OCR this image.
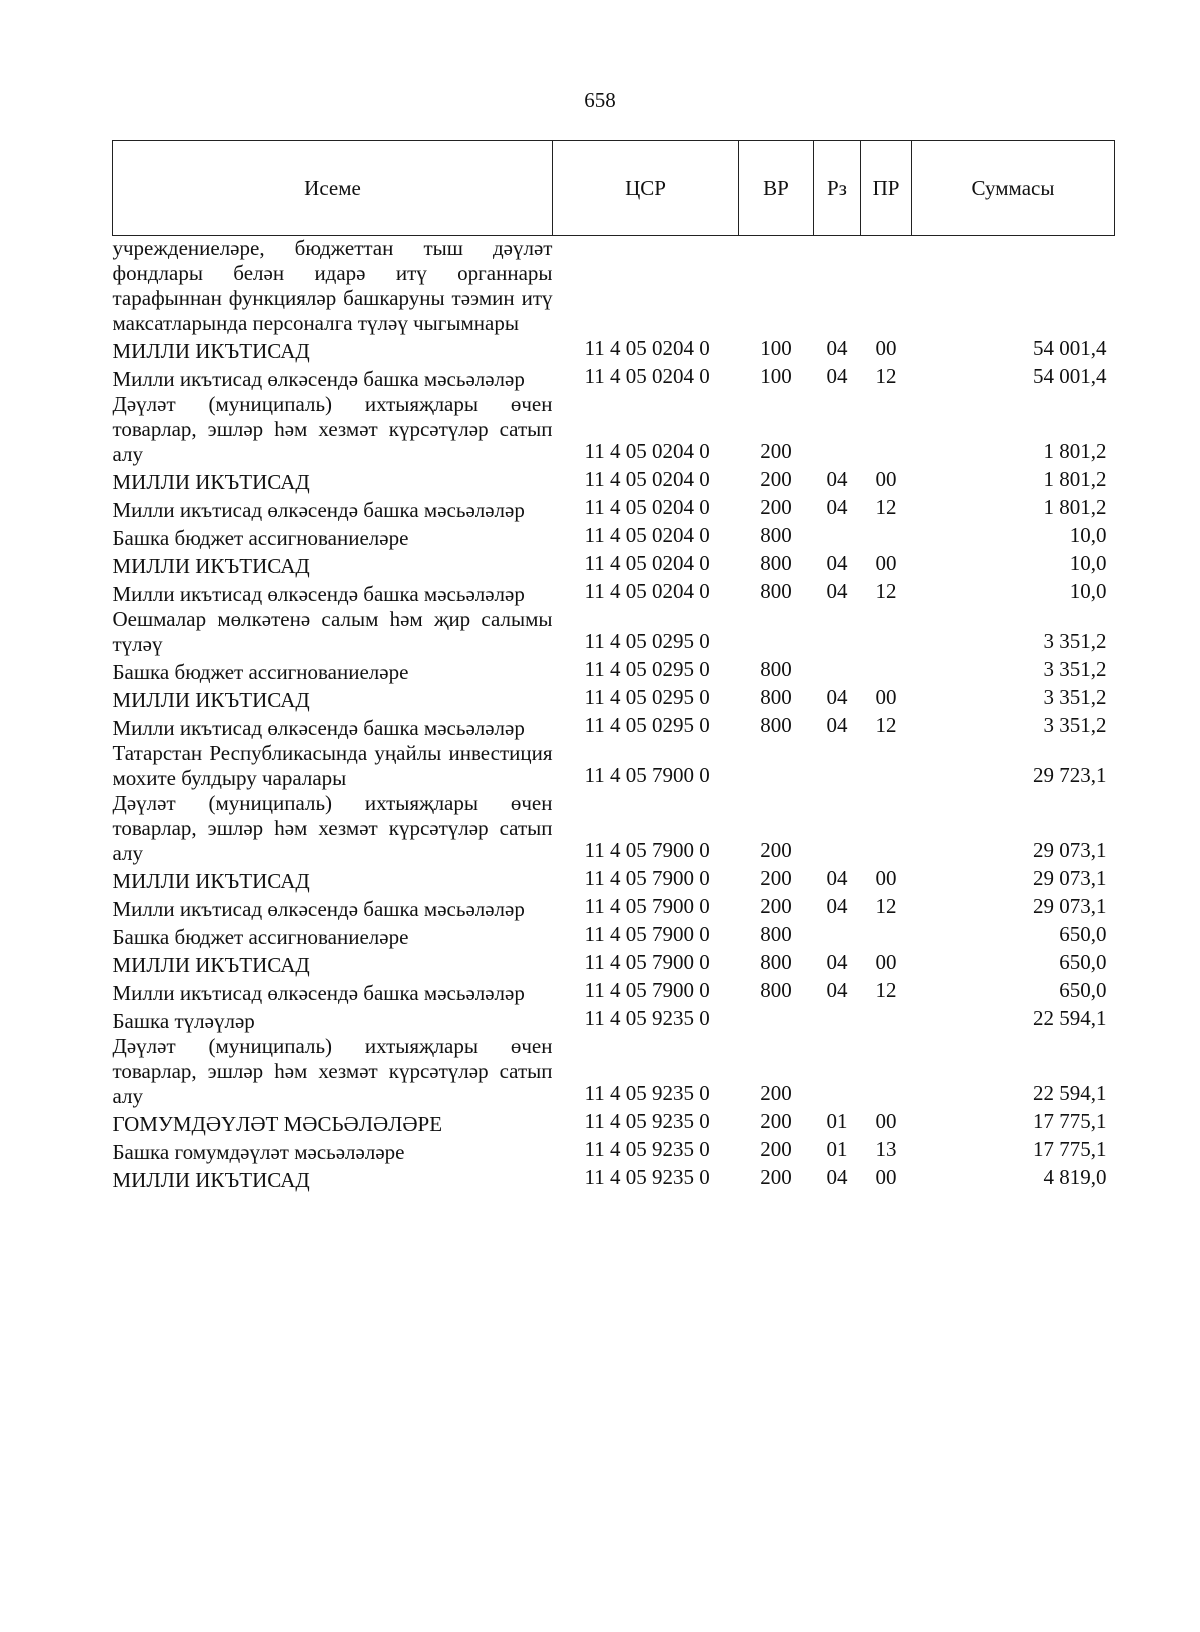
658
Исеме	ЦСР	ВР	Рз	ПР	Суммасы
учреждениеләре, бюджеттан тыш дәүләт фондлары белән идарә итү органнары тарафыннан функцияләр башкаруны тәэмин итү максатларында персоналга түләү чыгымнары					
МИЛЛИ ИКЪТИСАД	11 4 05 0204 0	100	04	00	54 001,4
Милли икътисад өлкәсендә башка мәсьәләләр	11 4 05 0204 0	100	04	12	54 001,4
Дәүләт (муниципаль) ихтыяҗлары өчен товарлар, эшләр һәм хезмәт күрсәтүләр сатып алу	11 4 05 0204 0	200			1 801,2
МИЛЛИ ИКЪТИСАД	11 4 05 0204 0	200	04	00	1 801,2
Милли икътисад өлкәсендә башка мәсьәләләр	11 4 05 0204 0	200	04	12	1 801,2
Башка бюджет ассигнованиеләре	11 4 05 0204 0	800			10,0
МИЛЛИ ИКЪТИСАД	11 4 05 0204 0	800	04	00	10,0
Милли икътисад өлкәсендә башка мәсьәләләр	11 4 05 0204 0	800	04	12	10,0
Оешмалар мөлкәтенә салым һәм җир салымы түләү	11 4 05 0295 0				3 351,2
Башка бюджет ассигнованиеләре	11 4 05 0295 0	800			3 351,2
МИЛЛИ ИКЪТИСАД	11 4 05 0295 0	800	04	00	3 351,2
Милли икътисад өлкәсендә башка мәсьәләләр	11 4 05 0295 0	800	04	12	3 351,2
Татарстан Республикасында уңайлы инвестиция мохите булдыру чаралары	11 4 05 7900 0				29 723,1
Дәүләт (муниципаль) ихтыяҗлары өчен товарлар, эшләр һәм хезмәт күрсәтүләр сатып алу	11 4 05 7900 0	200			29 073,1
МИЛЛИ ИКЪТИСАД	11 4 05 7900 0	200	04	00	29 073,1
Милли икътисад өлкәсендә башка мәсьәләләр	11 4 05 7900 0	200	04	12	29 073,1
Башка бюджет ассигнованиеләре	11 4 05 7900 0	800			650,0
МИЛЛИ ИКЪТИСАД	11 4 05 7900 0	800	04	00	650,0
Милли икътисад өлкәсендә башка мәсьәләләр	11 4 05 7900 0	800	04	12	650,0
Башка түләүләр	11 4 05 9235 0				22 594,1
Дәүләт (муниципаль) ихтыяҗлары өчен товарлар, эшләр һәм хезмәт күрсәтүләр сатып алу	11 4 05 9235 0	200			22 594,1
ГОМУМДӘҮЛӘТ МӘСЬӘЛӘЛӘРЕ	11 4 05 9235 0	200	01	00	17 775,1
Башка гомумдәүләт мәсьәләләре	11 4 05 9235 0	200	01	13	17 775,1
МИЛЛИ ИКЪТИСАД	11 4 05 9235 0	200	04	00	4 819,0
